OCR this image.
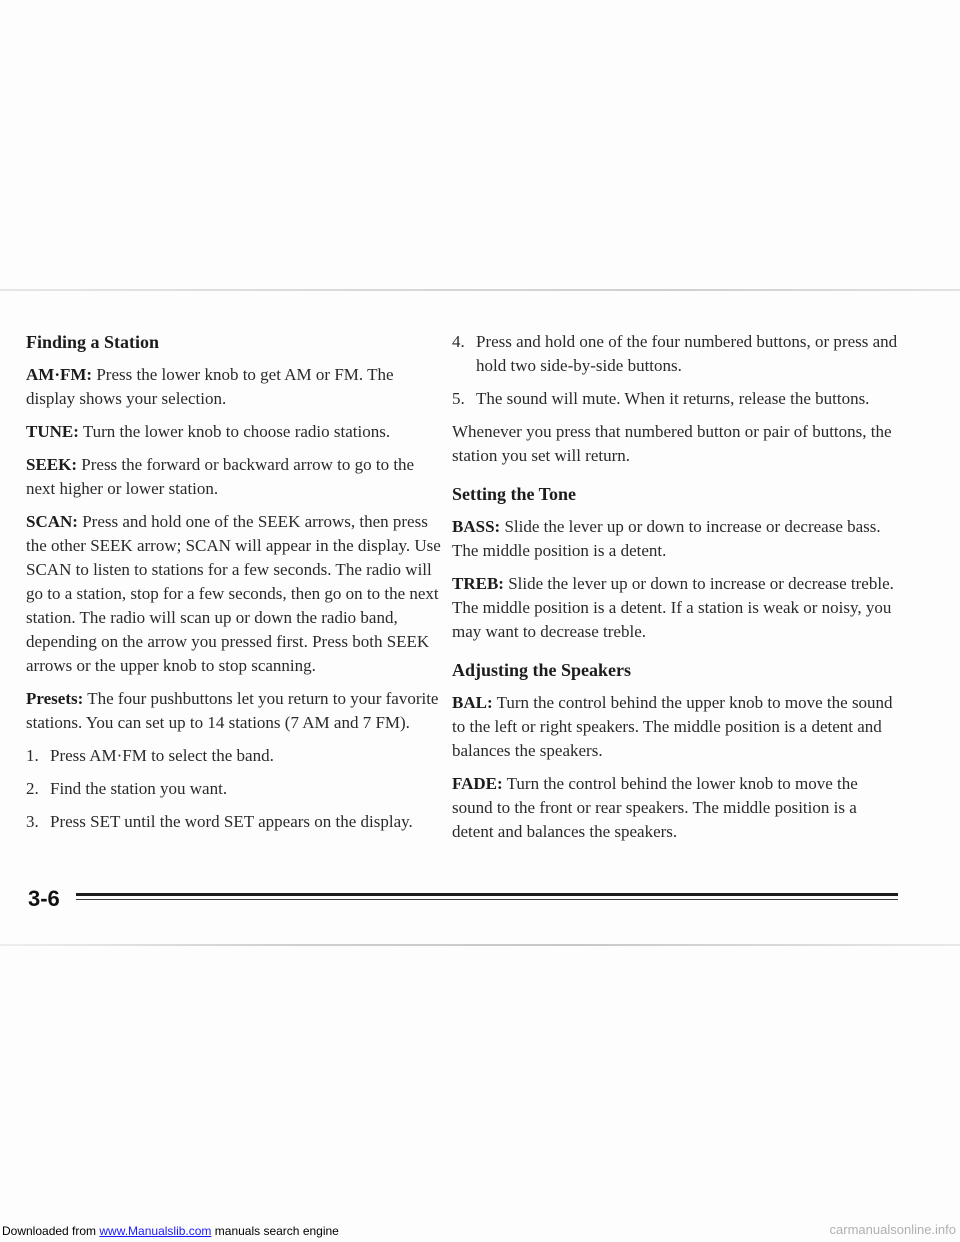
Finding a Station

AM·FM: Press the lower knob to get AM or FM. The display shows your selection.

TUNE: Turn the lower knob to choose radio stations.

SEEK: Press the forward or backward arrow to go to the next higher or lower station.

SCAN: Press and hold one of the SEEK arrows, then press the other SEEK arrow; SCAN will appear in the display. Use SCAN to listen to stations for a few seconds. The radio will go to a station, stop for a few seconds, then go on to the next station. The radio will scan up or down the radio band, depending on the arrow you pressed first. Press both SEEK arrows or the upper knob to stop scanning.

Presets: The four pushbuttons let you return to your favorite stations. You can set up to 14 stations (7 AM and 7 FM).

1. Press AM·FM to select the band.
2. Find the station you want.
3. Press SET until the word SET appears on the display.
4. Press and hold one of the four numbered buttons, or press and hold two side-by-side buttons.
5. The sound will mute. When it returns, release the buttons.

Whenever you press that numbered button or pair of buttons, the station you set will return.

Setting the Tone

BASS: Slide the lever up or down to increase or decrease bass. The middle position is a detent.

TREB: Slide the lever up or down to increase or decrease treble. The middle position is a detent. If a station is weak or noisy, you may want to decrease treble.

Adjusting the Speakers

BAL: Turn the control behind the upper knob to move the sound to the left or right speakers. The middle position is a detent and balances the speakers.

FADE: Turn the control behind the lower knob to move the sound to the front or rear speakers. The middle position is a detent and balances the speakers.

3-6
Downloaded from www.Manualslib.com manuals search engine	carmanualsonline.info
